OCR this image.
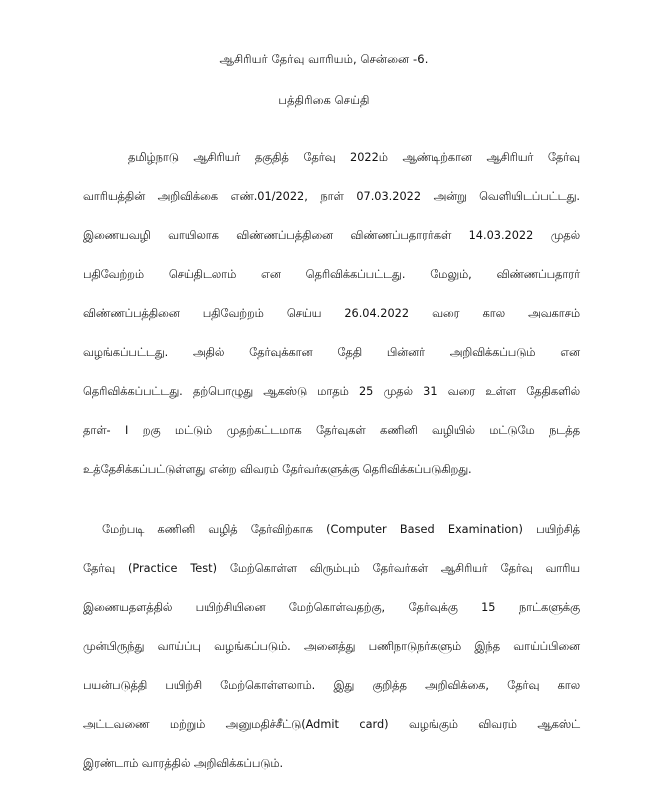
ஆசிரியர் தேர்வு வாரியம், சென்னை -6.
பத்திரிகை செய்தி
தமிழ்நாடு ஆசிரியர் தகுதித் தேர்வு 2022ம் ஆண்டிற்கான ஆசிரியர் தேர்வு
வாரியத்தின் அறிவிக்கை எண்.01/2022, நாள் 07.03.2022 அன்று வெளியிடப்பட்டது.
இணையவழி வாயிலாக விண்ணப்பத்தினை விண்ணப்பதாரர்கள் 14.03.2022 முதல்
பதிவேற்றம் செய்திடலாம் என தெரிவிக்கப்பட்டது. மேலும், விண்ணப்பதாரர்
விண்ணப்பத்தினை பதிவேற்றம் செய்ய 26.04.2022 வரை கால அவகாசம்
வழங்கப்பட்டது. அதில் தேர்வுக்கான தேதி பின்னர் அறிவிக்கப்படும் என
தெரிவிக்கப்பட்டது. தற்பொழுது ஆகஸ்டு மாதம் 25 முதல் 31 வரை உள்ள தேதிகளில்
தாள்- I றகு மட்டும் முதற்கட்டமாக தேர்வுகள் கணினி வழியில் மட்டுமே நடத்த
உத்தேசிக்கப்பட்டுள்ளது என்ற விவரம் தேர்வர்களுக்கு தெரிவிக்கப்படுகிறது.
மேற்படி கணினி வழித் தேர்விற்காக (Computer Based Examination) பயிற்சித்
தேர்வு (Practice Test) மேற்கொள்ள விரும்பும் தேர்வர்கள் ஆசிரியர் தேர்வு வாரிய
இணையதளத்தில் பயிற்சியினை மேற்கொள்வதற்கு, தேர்வுக்கு 15 நாட்களுக்கு
முன்பிருந்து வாய்ப்பு வழங்கப்படும். அனைத்து பணிநாடுநர்களும் இந்த வாய்ப்பினை
பயன்படுத்தி பயிற்சி மேற்கொள்ளலாம். இது குறித்த அறிவிக்கை, தேர்வு கால
அட்டவணை மற்றும் அனுமதிச்சீட்டு(Admit card) வழங்கும் விவரம் ஆகஸ்ட்
இரண்டாம் வாரத்தில் அறிவிக்கப்படும்.
